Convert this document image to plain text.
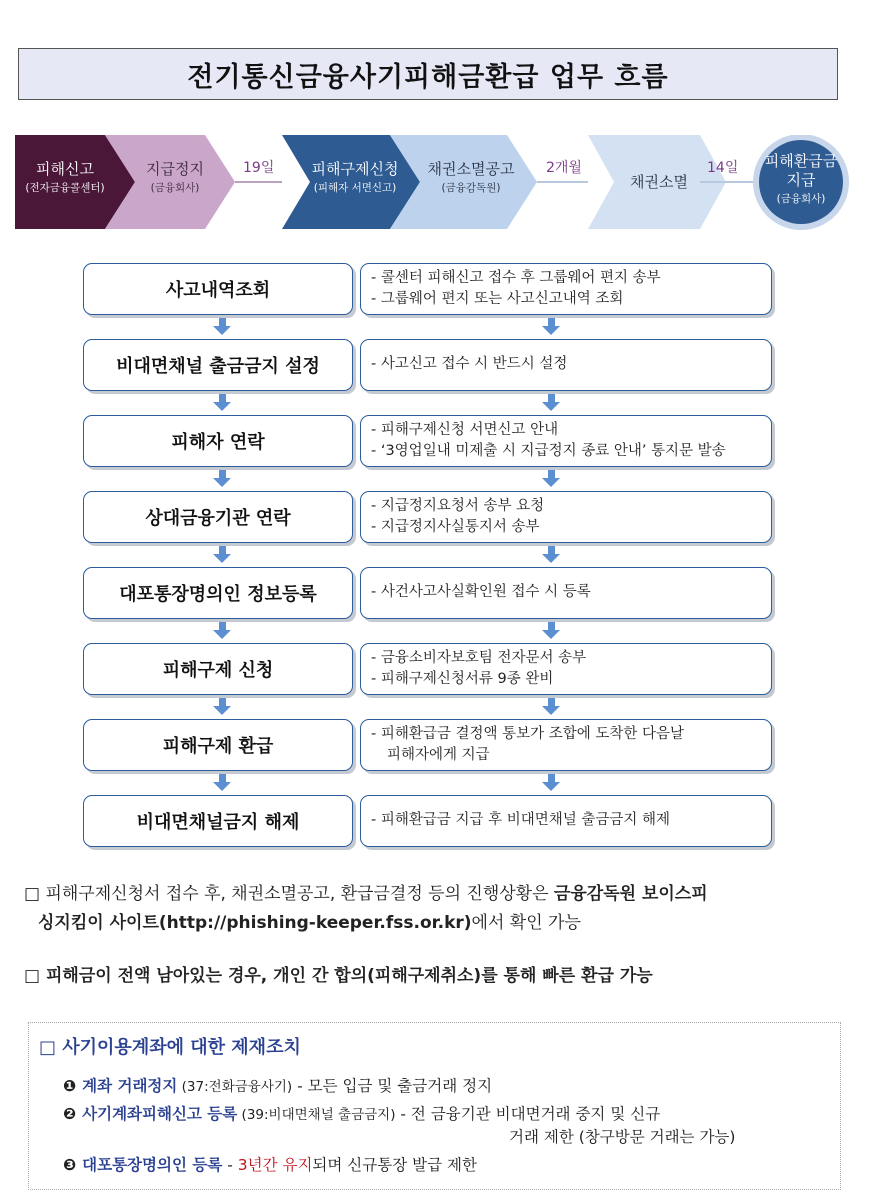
전기통신금융사기피해금환급 업무 흐름
피해신고
(전자금융콜센터)
지급정지
(금융회사)
19일	피해구제신청
(피해자 서면신고)
채권소멸공고
(금융감독원)
2개월
채권소멸
14일	피해환급금
지급
(금융회사)
사고내역조회
- 콜센터 피해신고 접수 후 그룹웨어 편지 송부
- 그룹웨어 편지 또는 사고신고내역 조회
비대면채널 출금금지 설정	- 사고신고 접수 시 반드시 설정
피해자 연락
- 피해구제신청 서면신고 안내
- ‘3영업일내 미제출 시 지급정지 종료 안내’ 통지문 발송
상대금융기관 연락
- 지급정지요청서 송부 요청
- 지급정지사실통지서 송부
대포통장명의인 정보등록	- 사건사고사실확인원 접수 시 등록
피해구제 신청
- 금융소비자보호팀 전자문서 송부
- 피해구제신청서류 9종 완비
피해구제 환급
- 피해환급금 결정액 통보가 조합에 도착한 다음날
피해자에게 지급
비대면채널금지 해제	- 피해환급금 지급 후 비대면채널 출금금지 해제
□ 피해구제신청서 접수 후, 채권소멸공고, 환급금결정 등의 진행상황은 금융감독원 보이스피
싱지킴이 사이트(http://phishing-keeper.fss.or.kr)에서 확인 가능
□ 피해금이 전액 남아있는 경우, 개인 간 합의(피해구제취소)를 통해 빠른 환급 가능
□ 사기이용계좌에 대한 제재조치
❶ 계좌 거래정지 (37:전화금융사기) - 모든 입금 및 출금거래 정지
❷ 사기계좌피해신고 등록 (39:비대면채널 출금금지) - 전 금융기관 비대면거래 중지 및 신규
거래 제한 (창구방문 거래는 가능)
❸ 대포통장명의인 등록 - 3년간 유지되며 신규통장 발급 제한
